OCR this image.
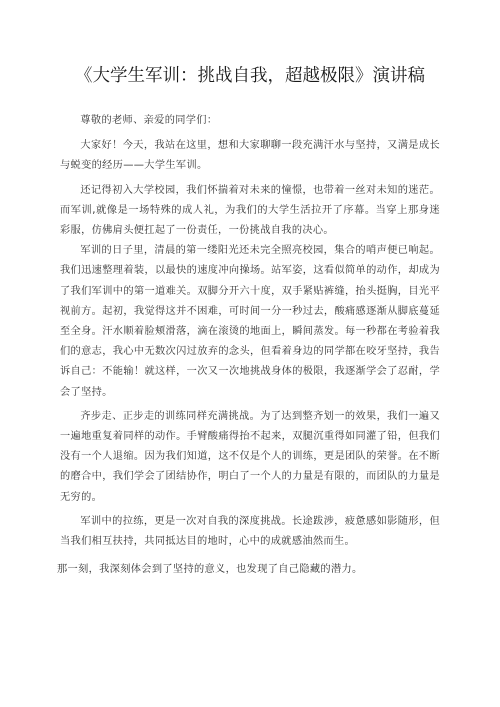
《大学生军训：挑战自我，超越极限》演讲稿

尊敬的老师、亲爱的同学们：

大家好！今天，我站在这里，想和大家聊聊一段充满汗水与坚持，又满是成长与蜕变的经历——大学生军训。

还记得初入大学校园，我们怀揣着对未来的憧憬，也带着一丝对未知的迷茫。而军训,就像是一场特殊的成人礼，为我们的大学生活拉开了序幕。当穿上那身迷彩服，仿佛肩头便扛起了一份责任，一份挑战自我的决心。

军训的日子里，清晨的第一缕阳光还未完全照亮校园，集合的哨声便已响起。我们迅速整理着装，以最快的速度冲向操场。站军姿，这看似简单的动作，却成为了我们军训中的第一道难关。双脚分开六十度，双手紧贴裤缝，抬头挺胸，目光平视前方。起初，我觉得这并不困难，可时间一分一秒过去，酸痛感逐渐从脚底蔓延至全身。汗水顺着脸颊滑落，滴在滚烫的地面上，瞬间蒸发。每一秒都在考验着我们的意志，我心中无数次闪过放弃的念头，但看着身边的同学都在咬牙坚持，我告诉自己：不能输！就这样，一次又一次地挑战身体的极限，我逐渐学会了忍耐，学会了坚持。

齐步走、正步走的训练同样充满挑战。为了达到整齐划一的效果，我们一遍又一遍地重复着同样的动作。手臂酸痛得抬不起来，双腿沉重得如同灌了铅，但我们没有一个人退缩。因为我们知道，这不仅是个人的训练，更是团队的荣誉。在不断的磨合中，我们学会了团结协作，明白了一个人的力量是有限的，而团队的力量是无穷的。

军训中的拉练，更是一次对自我的深度挑战。长途跋涉，疲惫感如影随形，但当我们相互扶持，共同抵达目的地时，心中的成就感油然而生。

那一刻，我深刻体会到了坚持的意义，也发现了自己隐藏的潜力。
